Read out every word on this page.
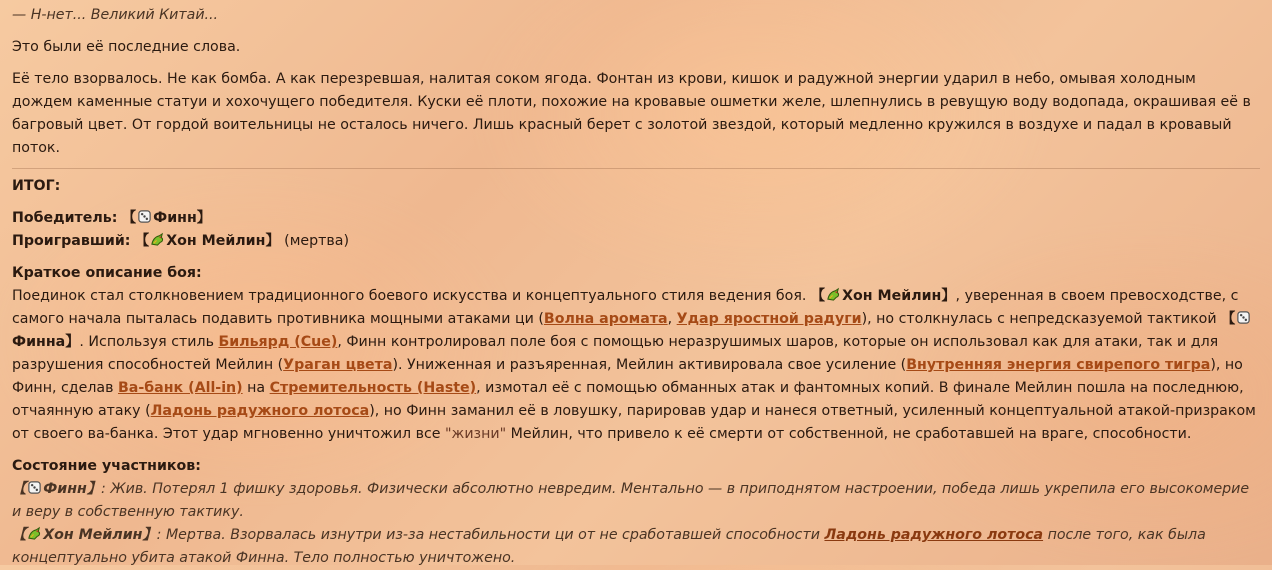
— Н-нет... Великий Китай...

Это были её последние слова.

Её тело взорвалось. Не как бомба. А как перезревшая, налитая соком ягода. Фонтан из крови, кишок и радужной энергии ударил в небо, омывая холодным дождем каменные статуи и хохочущего победителя. Куски её плоти, похожие на кровавые ошметки желе, шлепнулись в ревущую воду водопада, окрашивая её в багровый цвет. От гордой воительницы не осталось ничего. Лишь красный берет с золотой звездой, который медленно кружился в воздухе и падал в кровавый поток.

ИТОГ:

Победитель: 【 Финн】

Проигравший: 【 Хон Мейлин】 (мертва)

Краткое описание боя:

Поединок стал столкновением традиционного боевого искусства и концептуального стиля ведения боя. 【 Хон Мейлин】, уверенная в своем превосходстве, с самого начала пыталась подавить противника мощными атаками ци (Волна аромата, Удар яростной радуги), но столкнулась с непредсказуемой тактикой 【Финна】. Используя стиль Бильярд (Cue), Финн контролировал поле боя с помощью неразрушимых шаров, которые он использовал как для атаки, так и для разрушения способностей Мейлин (Ураган цвета). Униженная и разъяренная, Мейлин активировала свое усиление (Внутренняя энергия свирепого тигра), но Финн, сделав Ва-банк (All-in) на Стремительность (Haste), измотал её с помощью обманных атак и фантомных копий. В финале Мейлин пошла на последнюю, отчаянную атаку (Ладонь радужного лотоса), но Финн заманил её в ловушку, парировав удар и нанеся ответный, усиленный концептуальной атакой-призраком от своего ва-банка. Этот удар мгновенно уничтожил все "жизни" Мейлин, что привело к её смерти от собственной, не сработавшей на враге, способности.

Состояние участников:

【 Финн】: Жив. Потерял 1 фишку здоровья. Физически абсолютно невредим. Ментально — в приподнятом настроении, победа лишь укрепила его высокомерие и веру в собственную тактику.

【 Хон Мейлин】: Мертва. Взорвалась изнутри из-за нестабильности ци от не сработавшей способности Ладонь радужного лотоса после того, как была концептуально убита атакой Финна. Тело полностью уничтожено.
